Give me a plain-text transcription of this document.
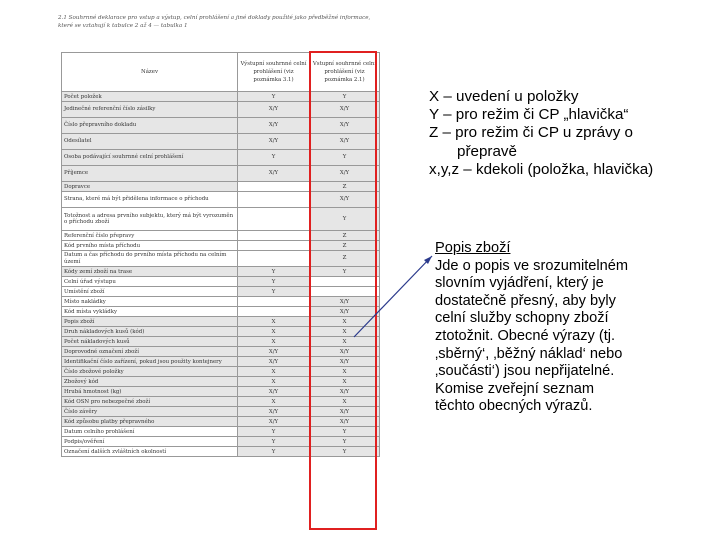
2.1 Souhrnné deklarace pro vstup a výstup, celní prohlášení a jiné doklady použité jako předběžné informace, které se vztahují k tabulce 2 až 4 — tabulka 1
Název	Výstupní souhrnné celní prohlášení (viz poznámka 3.1)	Vstupní souhrnné celní prohlášení (viz poznámka 2.1)
Počet položek	Y	Y
Jedinečné referenční číslo zásilky	X/Y	X/Y
Číslo přepravního dokladu	X/Y	X/Y
Odesílatel	X/Y	X/Y
Osoba podávající souhrnné celní prohlášení	Y	Y
Příjemce	X/Y	X/Y
Dopravce		Z
Strana, které má být přidělena informace o příchodu		X/Y
Totožnost a adresa prvního subjektu, který má být vyrozuměn o příchodu zboží		Y
Referenční číslo přepravy		Z
Kód prvního místa příchodu		Z
Datum a čas příchodu do prvního místa příchodu na celním území		Z
Kódy zemí zboží na trase	Y	Y
Celní úřad výstupu	Y	
Umístění zboží	Y	
Místo nakládky		X/Y
Kód místa vykládky		X/Y
Popis zboží	X	X
Druh nákladových kusů (kód)	X	X
Počet nákladových kusů	X	X
Doprovodné označení zboží	X/Y	X/Y
Identifikační číslo zařízení, pokud jsou použity kontejnery	X/Y	X/Y
Číslo zbožové položky	X	X
Zbožový kód	X	X
Hrubá hmotnost (kg)	X/Y	X/Y
Kód OSN pro nebezpečné zboží	X	X
Číslo závěry	X/Y	X/Y
Kód způsobu platby přepravného	X/Y	X/Y
Datum celního prohlášení	Y	Y
Podpis/ověření	Y	Y
Označení dalších zvláštních okolností	Y	Y
X – uvedení u položky
Y – pro režim či CP „hlavička“
Z – pro režim či CP u zprávy o
přepravě
x,y,z – kdekoli (položka, hlavička)
Popis zboží
Jde o popis ve srozumitelném
slovním vyjádření, který je
dostatečně přesný, aby byly
celní služby schopny zboží
ztotožnit. Obecné výrazy (tj.
‚sběrný‘, ‚běžný náklad‘ nebo
‚součásti‘) jsou nepřijatelné.
Komise zveřejní seznam
těchto obecných výrazů.
